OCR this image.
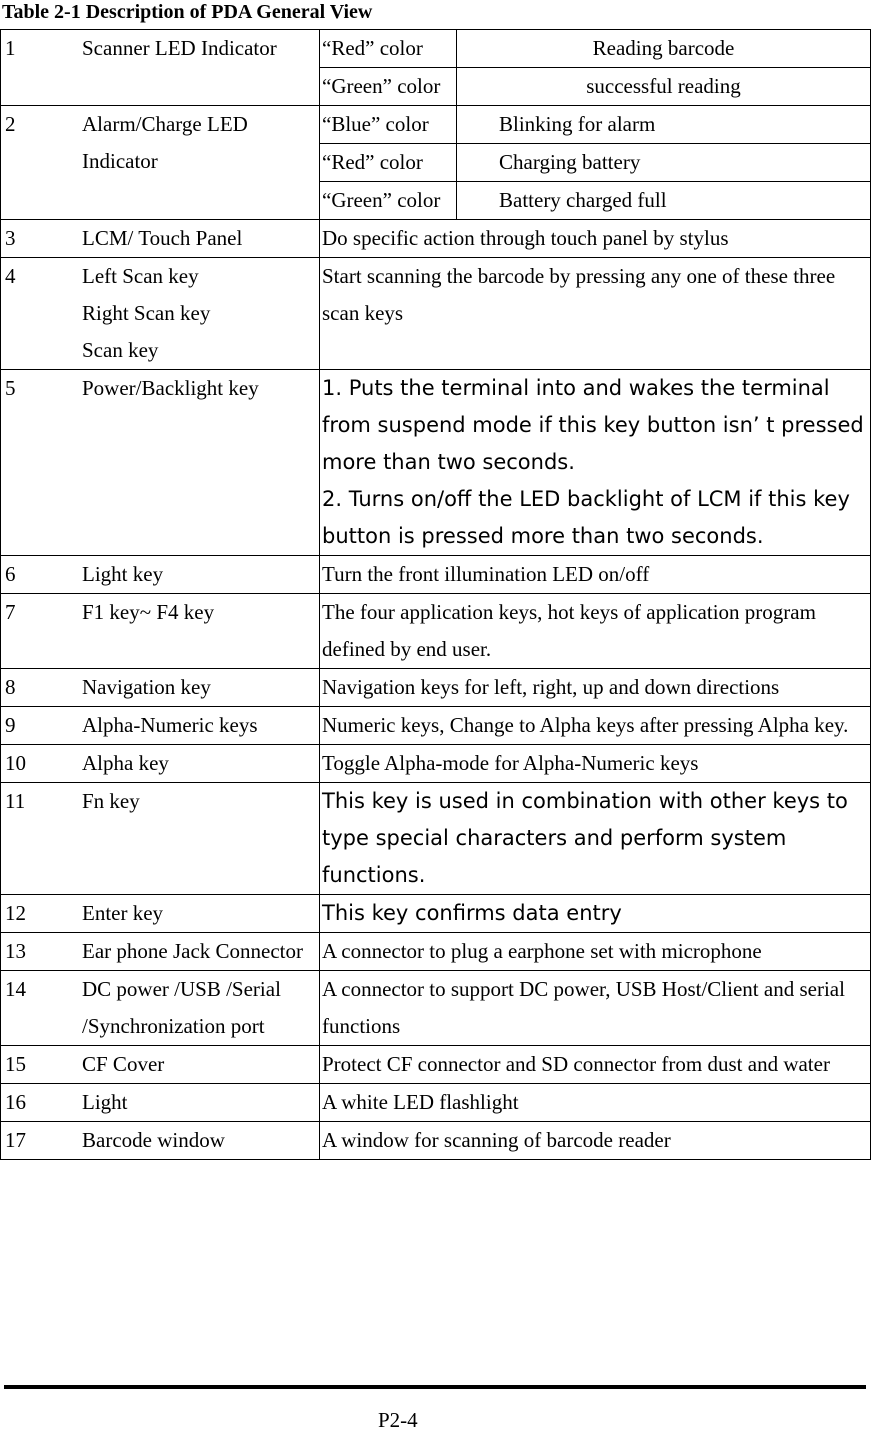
Table 2-1 Description of PDA General View
1	Scanner LED Indicator	“Red” color	Reading barcode
“Green” color	successful reading

2	Alarm/Charge LED Indicator	
“Blue” color	Blinking for alarm
“Red” color	Charging battery
“Green” color	Battery charged full

3	LCM/ Touch Panel	Do specific action through touch panel by stylus
4	Left Scan key

Right Scan key

Scan key

	Start scanning the barcode by pressing any one of these three scan keys
5	Power/Backlight key	1. Puts the terminal into and wakes the terminal from suspend mode if this key button isn’ t pressed more than two seconds.

2. Turns on/off the LED backlight of LCM if this key button is pressed more than two seconds.

6	Light key	Turn the front illumination LED on/off
7	F1 key~ F4 key	The four application keys, hot keys of application program defined by end user.
8	Navigation key	Navigation keys for left, right, up and down directions
9	Alpha-Numeric keys	Numeric keys, Change to Alpha keys after pressing Alpha key.
10	Alpha key	Toggle Alpha-mode for Alpha-Numeric keys
11	Fn key	This key is used in combination with other keys to type special characters and perform system functions.
12	Enter key	This key confirms data entry
13	Ear phone Jack Connector	A connector to plug a earphone set with microphone
14	DC power /USB /Serial /Synchronization port	A connector to support DC power, USB Host/Client and serial functions
15	CF Cover	Protect CF connector and SD connector from dust and water
16	Light	A white LED flashlight
17	Barcode window	A window for scanning of barcode reader
P2-4
